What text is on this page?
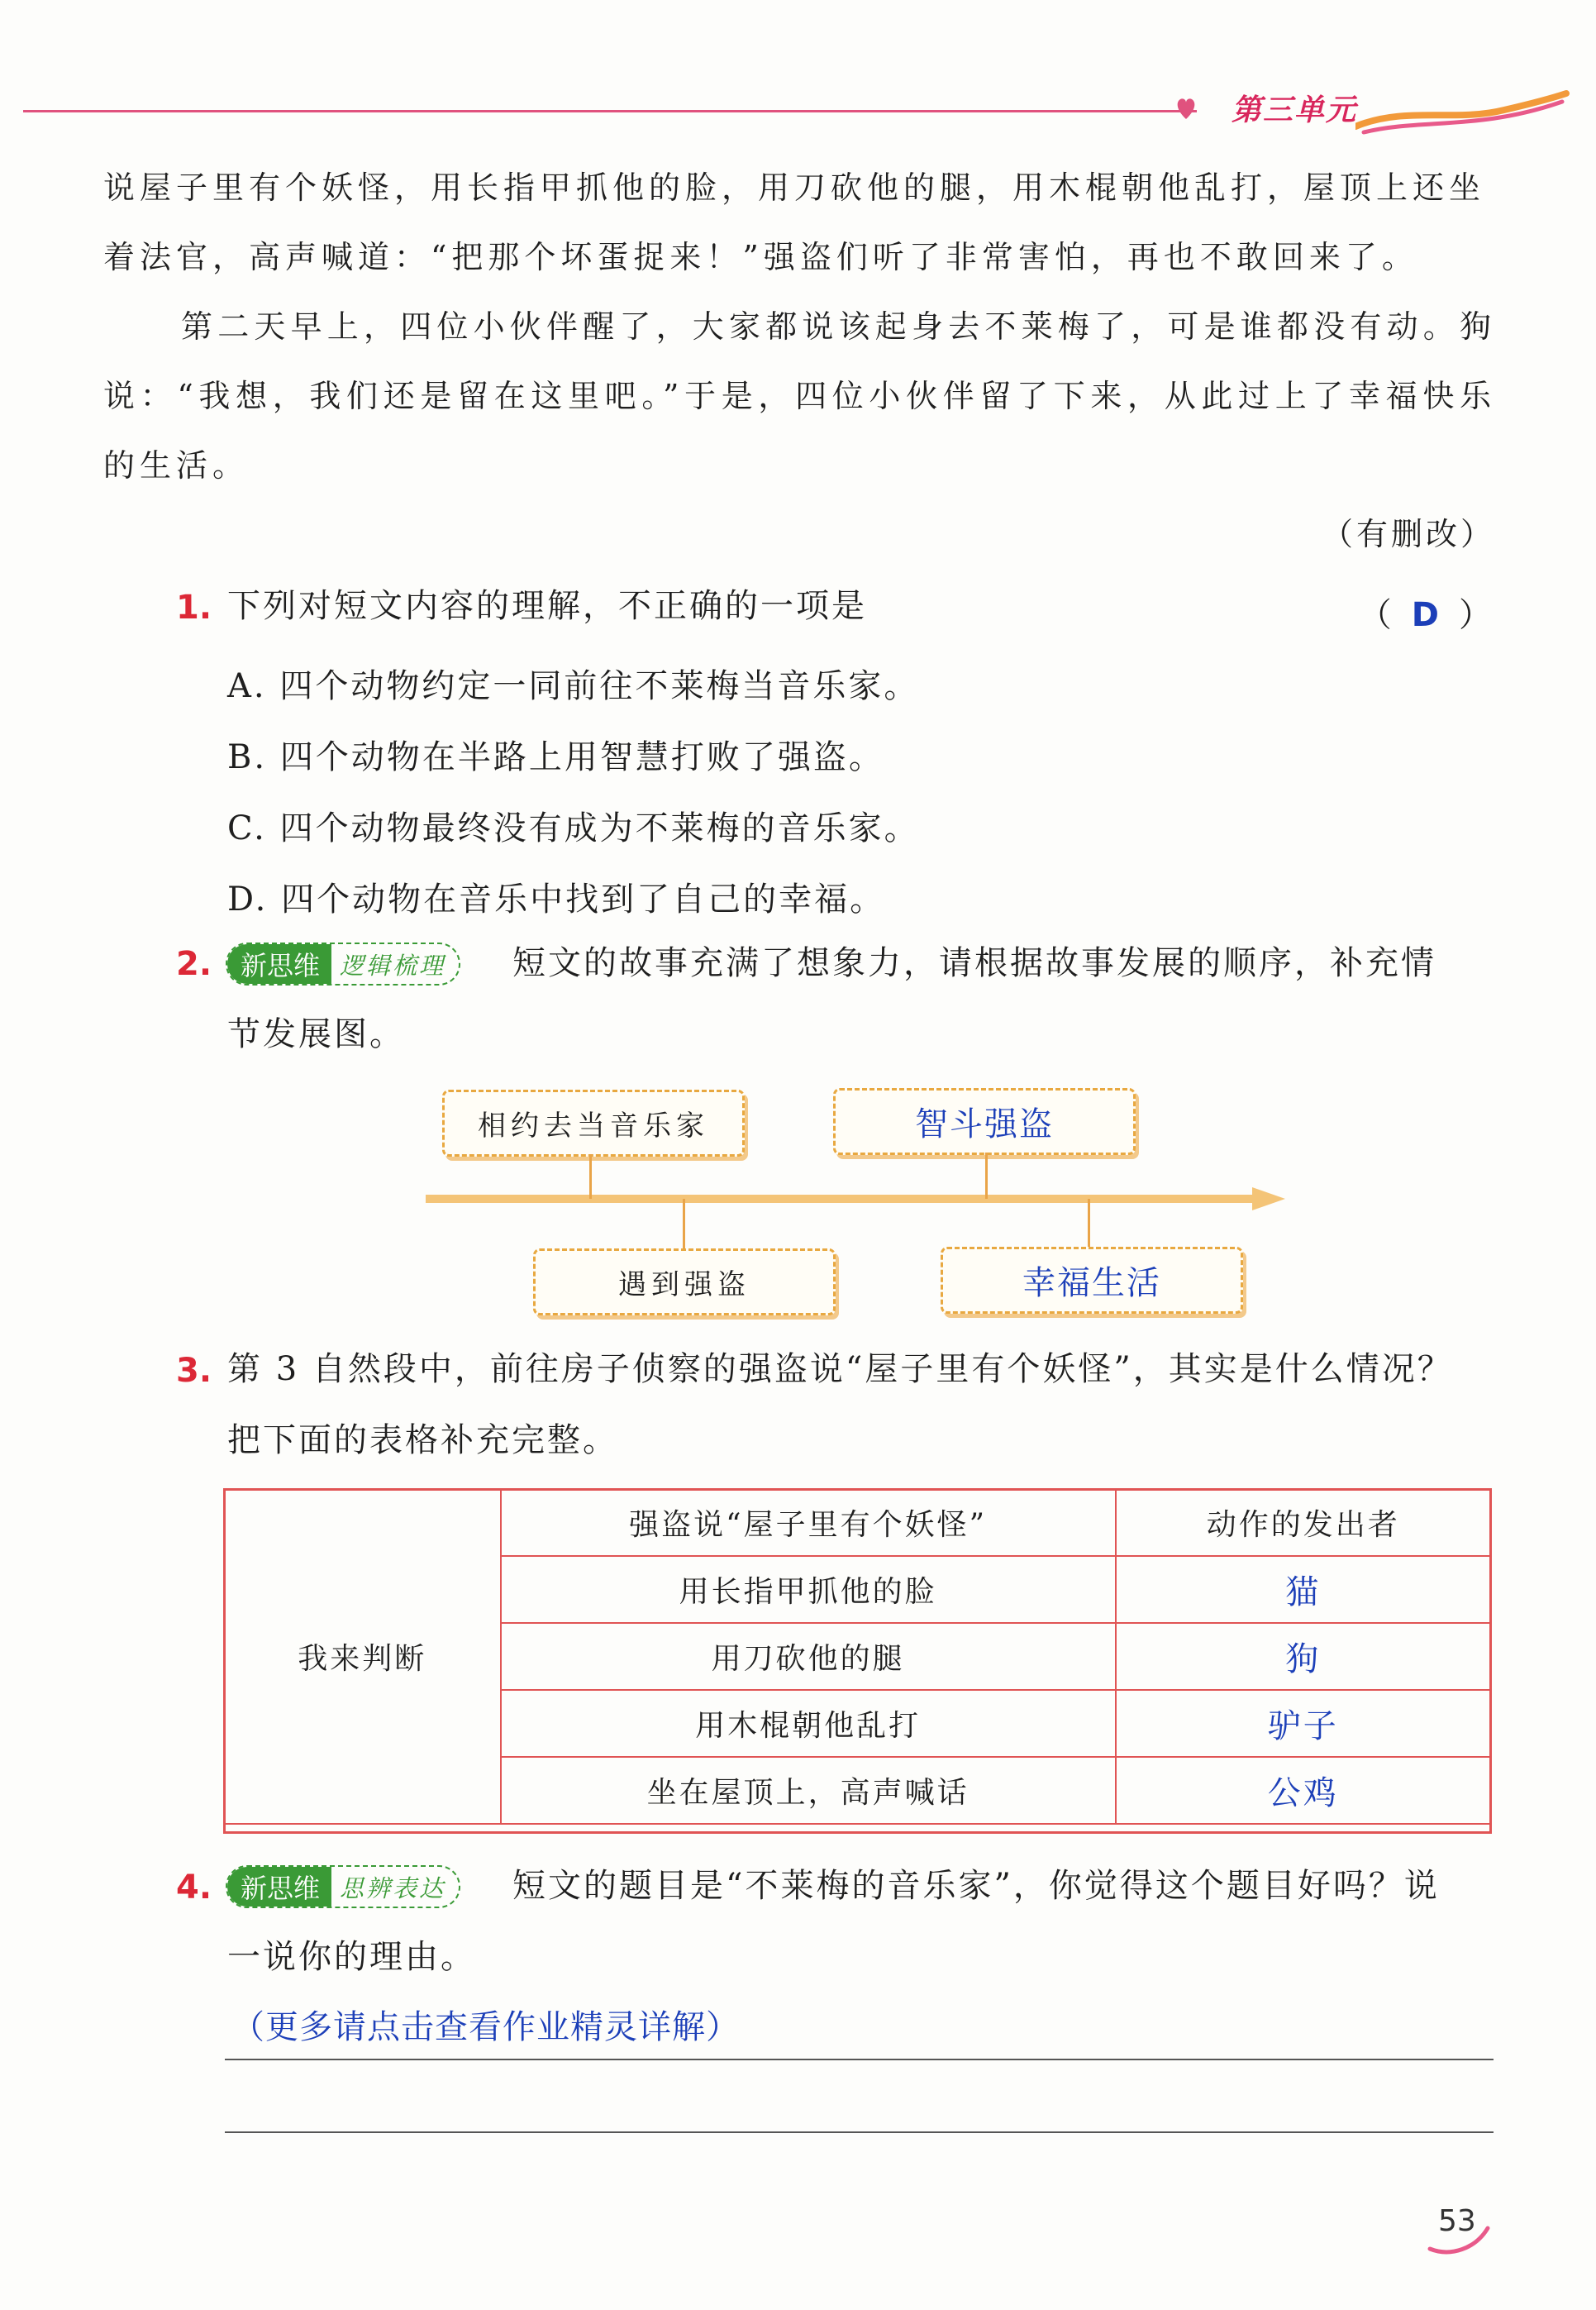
第三单元

说屋子里有个妖怪，用长指甲抓他的脸，用刀砍他的腿，用木棍朝他乱打，屋顶上还坐

着法官，高声喊道：“把那个坏蛋捉来！”强盗们听了非常害怕，再也不敢回来了。

第二天早上，四位小伙伴醒了，大家都说该起身去不莱梅了，可是谁都没有动。狗说：“我想，我们还是留在这里吧。”于是，四位小伙伴留了下来，从此过上了幸福快乐的生活。

（有删改）
1. 下列对短文内容的理解，不正确的一项是	（ D ）
A. 四个动物约定一同前往不莱梅当音乐家。
B. 四个动物在半路上用智慧打败了强盗。
C. 四个动物最终没有成为不莱梅的音乐家。
D. 四个动物在音乐中找到了自己的幸福。
2.	新思维 逻辑梳理	短文的故事充满了想象力，请根据故事发展的顺序，补充情
节发展图。
相约去当音乐家	智斗强盗
遇到强盗	幸福生活
3. 第 3 自然段中，前往房子侦察的强盗说“屋子里有个妖怪”，其实是什么情况？
把下面的表格补充完整。
我来判断	强盗说“屋子里有个妖怪”	动作的发出者
	用长指甲抓他的脸	猫
	用刀砍他的腿	狗
	用木棍朝他乱打	驴子
	坐在屋顶上，高声喊话	公鸡
4.	新思维 思辨表达	短文的题目是“不莱梅的音乐家”，你觉得这个题目好吗？说
一说你的理由。
（更多请点击查看作业精灵详解）
53
